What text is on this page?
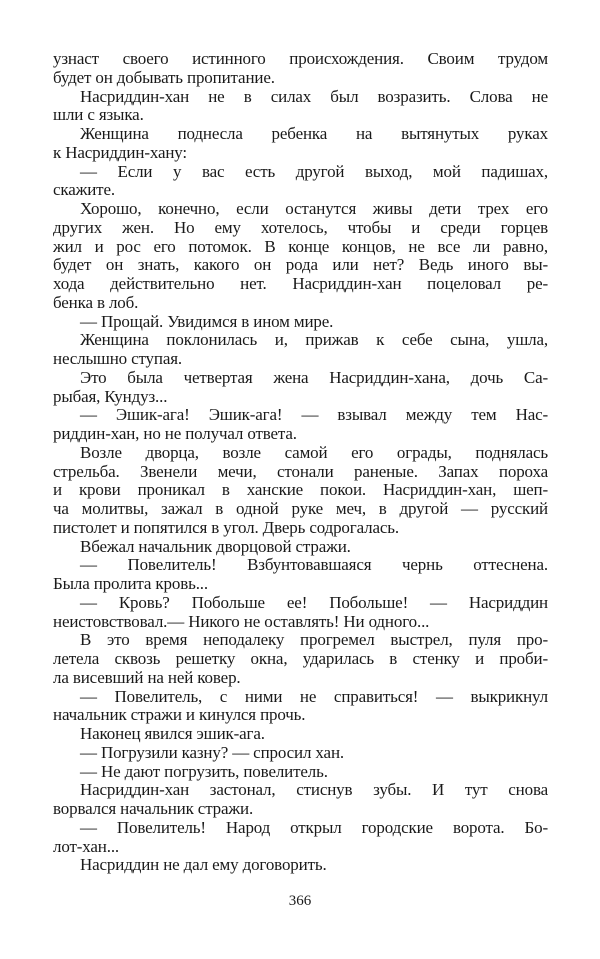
узнаст своего истинного происхождения. Своим трудом
будет он добывать пропитание.
Насриддин-хан не в силах был возразить. Слова не
шли с языка.
Женщина поднесла ребенка на вытянутых руках
к Насриддин-хану:
— Если у вас есть другой выход, мой падишах,
скажите.
Хорошо, конечно, если останутся живы дети трех его
других жен. Но ему хотелось, чтобы и среди горцев
жил и рос его потомок. В конце концов, не все ли равно,
будет он знать, какого он рода или нет? Ведь иного вы-
хода действительно нет. Насриддин-хан поцеловал ре-
бенка в лоб.
— Прощай. Увидимся в ином мире.
Женщина поклонилась и, прижав к себе сына, ушла,
неслышно ступая.
Это была четвертая жена Насриддин-хана, дочь Са-
рыбая, Кундуз...
— Эшик-ага! Эшик-ага! — взывал между тем Нас-
риддин-хан, но не получал ответа.
Возле дворца, возле самой его ограды, поднялась
стрельба. Звенели мечи, стонали раненые. Запах пороха
и крови проникал в ханские покои. Насриддин-хан, шеп-
ча молитвы, зажал в одной руке меч, в другой — русский
пистолет и попятился в угол. Дверь содрогалась.
Вбежал начальник дворцовой стражи.
— Повелитель! Взбунтовавшаяся чернь оттеснена.
Была пролита кровь...
— Кровь? Побольше ее! Побольше! — Насриддин
неистовствовал.— Никого не оставлять! Ни одного...
В это время неподалеку прогремел выстрел, пуля про-
летела сквозь решетку окна, ударилась в стенку и проби-
ла висевший на ней ковер.
— Повелитель, с ними не справиться! — выкрикнул
начальник стражи и кинулся прочь.
Наконец явился эшик-ага.
— Погрузили казну? — спросил хан.
— Не дают погрузить, повелитель.
Насриддин-хан застонал, стиснув зубы. И тут снова
ворвался начальник стражи.
— Повелитель! Народ открыл городские ворота. Бо-
лот-хан...
Насриддин не дал ему договорить.
366
